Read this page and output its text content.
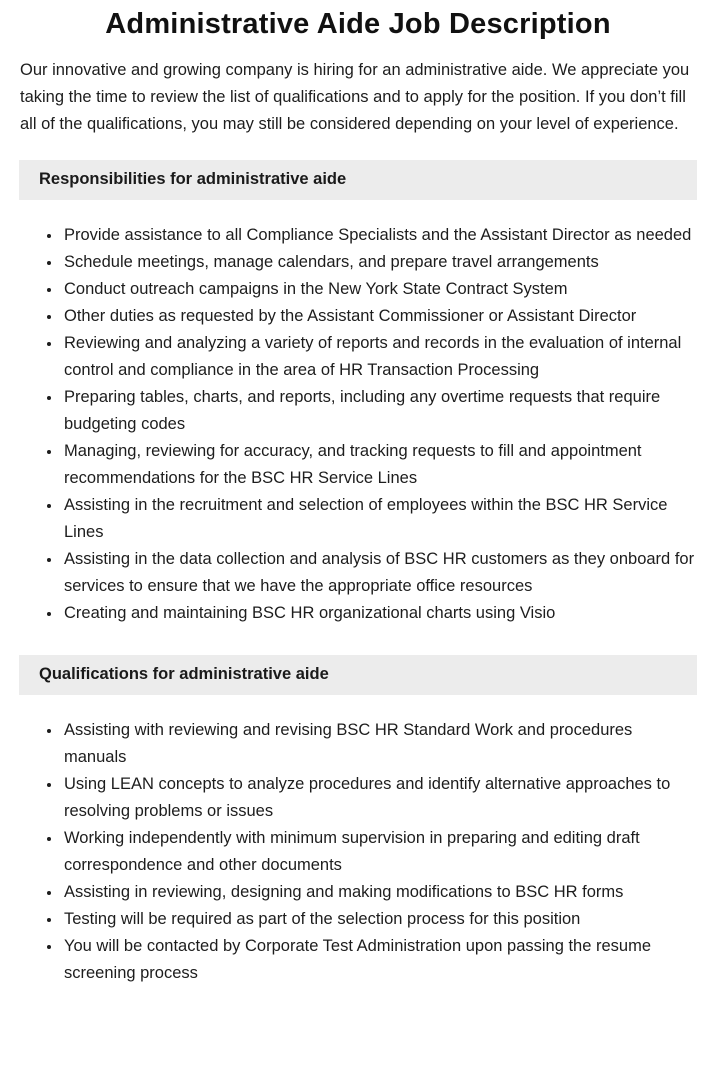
Administrative Aide Job Description

Our innovative and growing company is hiring for an administrative aide. We appreciate you taking the time to review the list of qualifications and to apply for the position. If you don’t fill all of the qualifications, you may still be considered depending on your level of experience.

Responsibilities for administrative aide
• Provide assistance to all Compliance Specialists and the Assistant Director as needed
• Schedule meetings, manage calendars, and prepare travel arrangements
• Conduct outreach campaigns in the New York State Contract System
• Other duties as requested by the Assistant Commissioner or Assistant Director
• Reviewing and analyzing a variety of reports and records in the evaluation of internal control and compliance in the area of HR Transaction Processing
• Preparing tables, charts, and reports, including any overtime requests that require budgeting codes
• Managing, reviewing for accuracy, and tracking requests to fill and appointment recommendations for the BSC HR Service Lines
• Assisting in the recruitment and selection of employees within the BSC HR Service Lines
• Assisting in the data collection and analysis of BSC HR customers as they onboard for services to ensure that we have the appropriate office resources
• Creating and maintaining BSC HR organizational charts using Visio
Qualifications for administrative aide
• Assisting with reviewing and revising BSC HR Standard Work and procedures manuals
• Using LEAN concepts to analyze procedures and identify alternative approaches to resolving problems or issues
• Working independently with minimum supervision in preparing and editing draft correspondence and other documents
• Assisting in reviewing, designing and making modifications to BSC HR forms
• Testing will be required as part of the selection process for this position
• You will be contacted by Corporate Test Administration upon passing the resume screening process
